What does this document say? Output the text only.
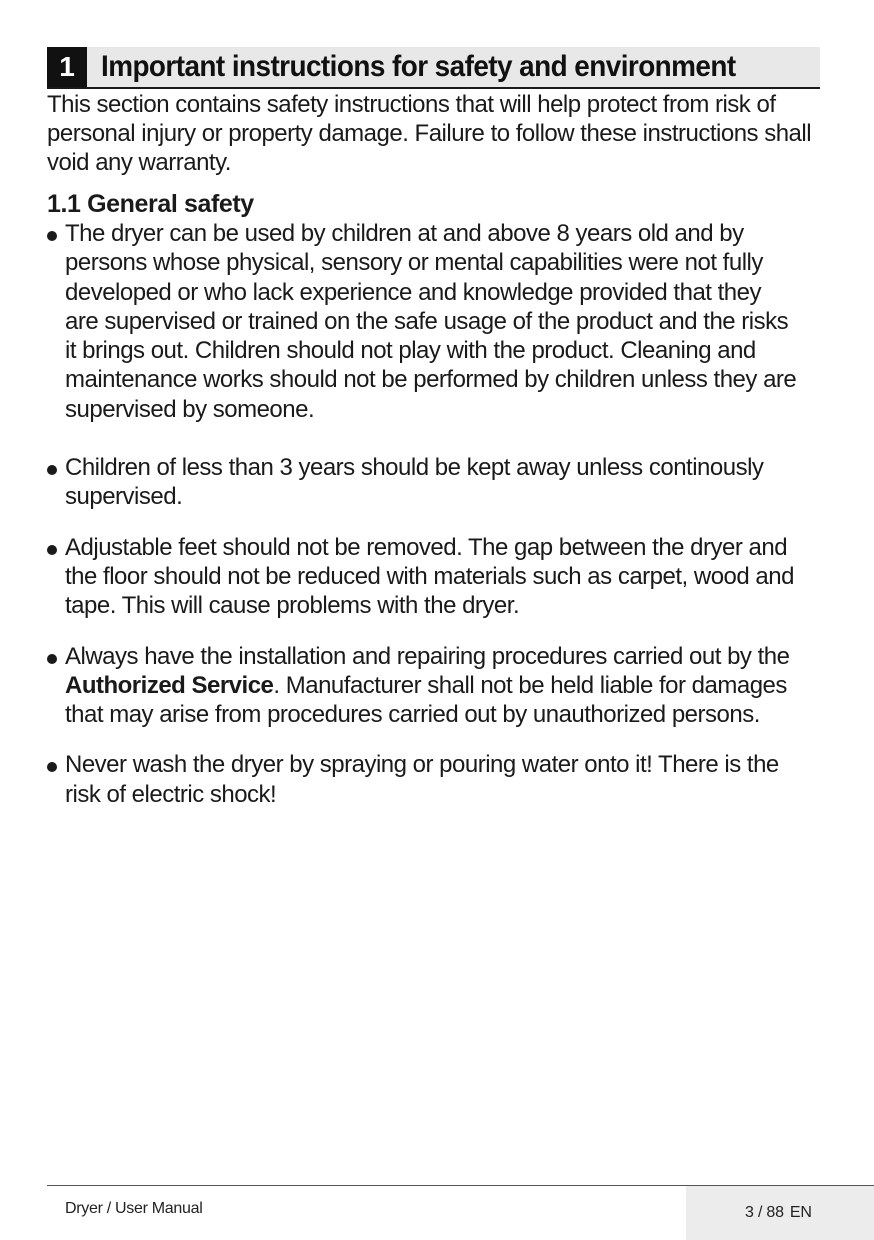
1 Important instructions for safety and environment

This section contains safety instructions that will help protect from risk of
personal injury or property damage. Failure to follow these instructions shall
void any warranty.

1.1 General safety
The dryer can be used by children at and above 8 years old and by
persons whose physical, sensory or mental capabilities were not fully
developed or who lack experience and knowledge provided that they
are supervised or trained on the safe usage of the product and the risks
it brings out. Children should not play with the product. Cleaning and
maintenance works should not be performed by children unless they are
supervised by someone.
Children of less than 3 years should be kept away unless continously
supervised.
Adjustable feet should not be removed. The gap between the dryer and
the floor should not be reduced with materials such as carpet, wood and
tape. This will cause problems with the dryer.
Always have the installation and repairing procedures carried out by the
Authorized Service. Manufacturer shall not be held liable for damages
that may arise from procedures carried out by unauthorized persons.
Never wash the dryer by spraying or pouring water onto it! There is the
risk of electric shock!
Dryer / User Manual	3 / 88 EN
